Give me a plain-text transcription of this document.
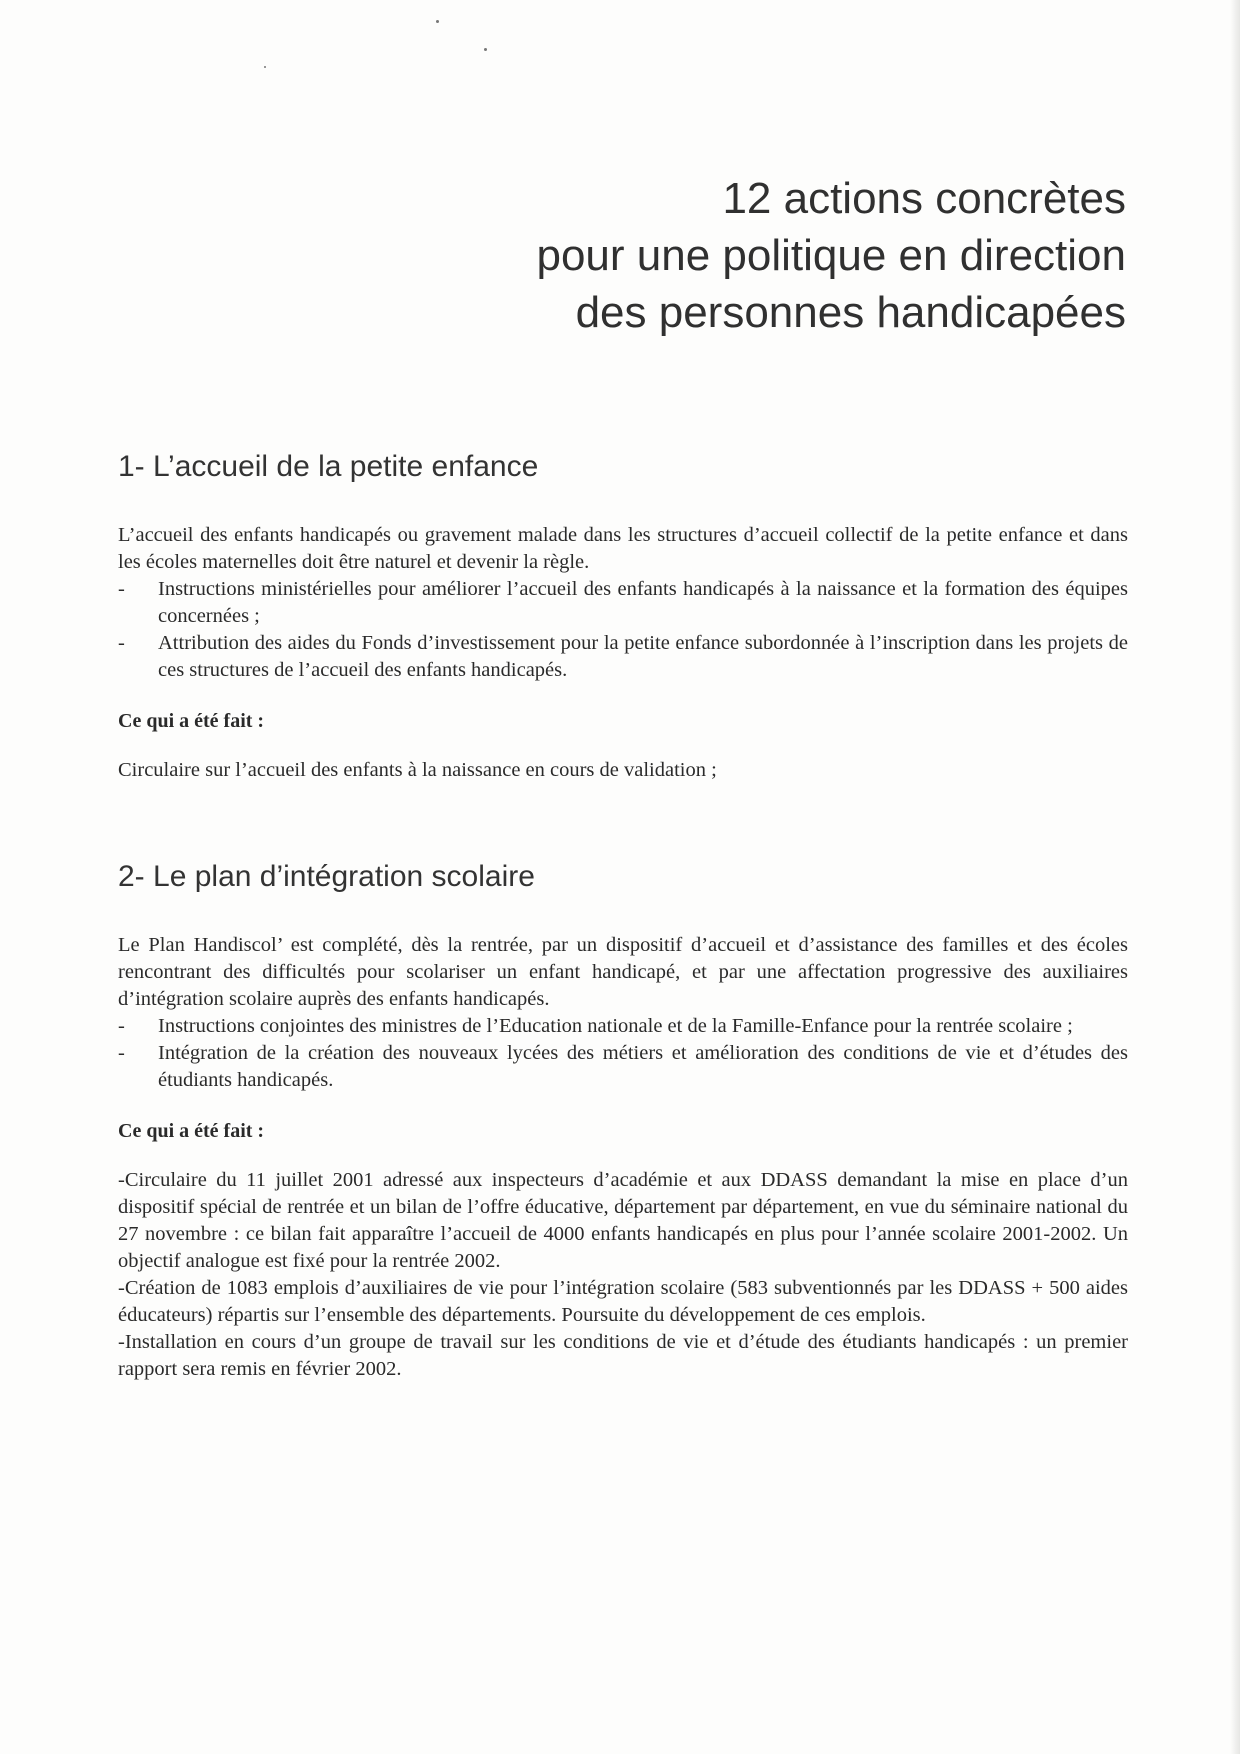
12 actions concrètes
pour une politique en direction
des personnes handicapées
1- L’accueil de la petite enfance

L’accueil des enfants handicapés ou gravement malade dans les structures d’accueil collectif de la petite enfance et dans les écoles maternelles doit être naturel et devenir la règle.

- Instructions ministérielles pour améliorer l’accueil des enfants handicapés à la naissance et la formation des équipes concernées ;
- Attribution des aides du Fonds d’investissement pour la petite enfance subordonnée à l’inscription dans les projets de ces structures de l’accueil des enfants handicapés.
Ce qui a été fait :

Circulaire sur l’accueil des enfants à la naissance en cours de validation ;

2- Le plan d’intégration scolaire

Le Plan Handiscol’ est complété, dès la rentrée, par un dispositif d’accueil et d’assistance des familles et des écoles rencontrant des difficultés pour scolariser un enfant handicapé, et par une affectation progressive des auxiliaires d’intégration scolaire auprès des enfants handicapés.

- Instructions conjointes des ministres de l’Education nationale et de la Famille-Enfance pour la rentrée scolaire ;
- Intégration de la création des nouveaux lycées des métiers et amélioration des conditions de vie et d’études des étudiants handicapés.
Ce qui a été fait :

-Circulaire du 11 juillet 2001 adressé aux inspecteurs d’académie et aux DDASS demandant la mise en place d’un dispositif spécial de rentrée et un bilan de l’offre éducative, département par département, en vue du séminaire national du 27 novembre : ce bilan fait apparaître l’accueil de 4000 enfants handicapés en plus pour l’année scolaire 2001-2002. Un objectif analogue est fixé pour la rentrée 2002.

-Création de 1083 emplois d’auxiliaires de vie pour l’intégration scolaire (583 subventionnés par les DDASS + 500 aides éducateurs) répartis sur l’ensemble des départements. Poursuite du développement de ces emplois.

-Installation en cours d’un groupe de travail sur les conditions de vie et d’étude des étudiants handicapés : un premier rapport sera remis en février 2002.
